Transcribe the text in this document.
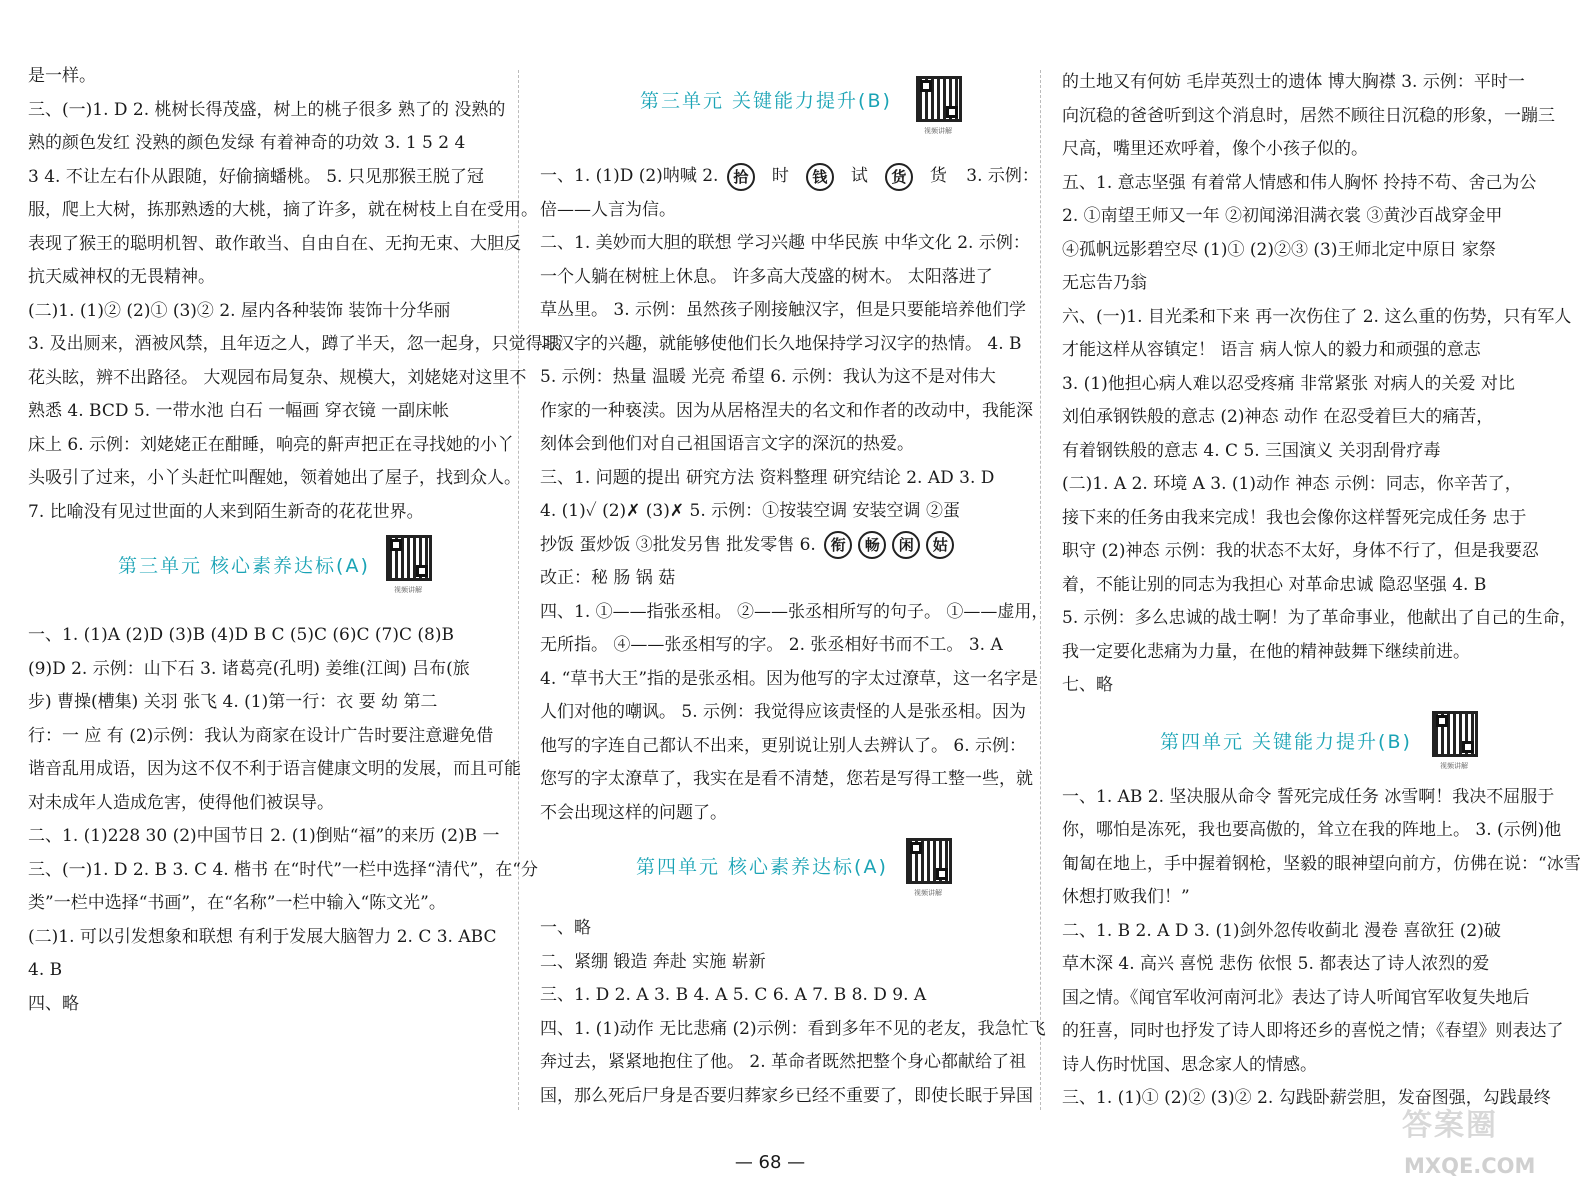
是一样。
三、(一)1. D 2. 桃树长得茂盛，树上的桃子很多 熟了的 没熟的
熟的颜色发红 没熟的颜色发绿 有着神奇的功效 3. 1 5 2 4
3 4. 不让左右仆从跟随，好偷摘蟠桃。 5. 只见那猴王脱了冠
服，爬上大树，拣那熟透的大桃，摘了许多，就在树枝上自在受用。
表现了猴王的聪明机智、敢作敢当、自由自在、无拘无束、大胆反
抗天威神权的无畏精神。
(二)1. (1)② (2)① (3)② 2. 屋内各种装饰 装饰十分华丽
3. 及出厕来，酒被风禁，且年迈之人，蹲了半天，忽一起身，只觉得眼
花头眩，辨不出路径。 大观园布局复杂、规模大，刘姥姥对这里不
熟悉 4. BCD 5. 一带水池 白石 一幅画 穿衣镜 一副床帐
床上 6. 示例：刘姥姥正在酣睡，响亮的鼾声把正在寻找她的小丫
头吸引了过来，小丫头赶忙叫醒她，领着她出了屋子，找到众人。
7. 比喻没有见过世面的人来到陌生新奇的花花世界。
第三单元 核心素养达标(A)
视频讲解
一、1. (1)A (2)D (3)B (4)D B C (5)C (6)C (7)C (8)B
(9)D 2. 示例：山下石 3. 诸葛亮(孔明) 姜维(江闽) 吕布(旅
步) 曹操(槽集) 关羽 张飞 4. (1)第一行：衣 要 幼 第二
行：一 应 有 (2)示例：我认为商家在设计广告时要注意避免借
谐音乱用成语，因为这不仅不利于语言健康文明的发展，而且可能
对未成年人造成危害，使得他们被误导。
二、1. (1)228 30 (2)中国节日 2. (1)倒贴“福”的来历 (2)B 一
三、(一)1. D 2. B 3. C 4. 楷书 在“时代”一栏中选择“清代”，在“分
类”一栏中选择“书画”，在“名称”一栏中输入“陈文光”。
(二)1. 可以引发想象和联想 有利于发展大脑智力 2. C 3. ABC
4. B
四、略
第三单元 关键能力提升(B)
视频讲解
一、1. (1)D (2)呐喊 2. 拾 时 钱 试 货 货 3. 示例：
倍——人言为信。
二、1. 美妙而大胆的联想 学习兴趣 中华民族 中华文化 2. 示例：
一个人躺在树桩上休息。 许多高大茂盛的树木。 太阳落进了
草丛里。 3. 示例：虽然孩子刚接触汉字，但是只要能培养他们学
习汉字的兴趣，就能够使他们长久地保持学习汉字的热情。 4. B
5. 示例：热量 温暖 光亮 希望 6. 示例：我认为这不是对伟大
作家的一种亵渎。因为从居格涅夫的名文和作者的改动中，我能深
刻体会到他们对自己祖国语言文字的深沉的热爱。
三、1. 问题的提出 研究方法 资料整理 研究结论 2. AD 3. D
4. (1)✓ (2)✗ (3)✗ 5. 示例：①按装空调 安装空调 ②蛋
抄饭 蛋炒饭 ③批发另售 批发零售 6. 衔 畅 闲 姑
改正：秘 肠 锅 菇
四、1. ①——指张丞相。 ②——张丞相所写的句子。 ①——虚用，
无所指。 ④——张丞相写的字。 2. 张丞相好书而不工。 3. A
4. “草书大王”指的是张丞相。因为他写的字太过潦草，这一名字是
人们对他的嘲讽。 5. 示例：我觉得应该责怪的人是张丞相。因为
他写的字连自己都认不出来，更别说让别人去辨认了。 6. 示例：
您写的字太潦草了，我实在是看不清楚，您若是写得工整一些，就
不会出现这样的问题了。
第四单元 核心素养达标(A)
视频讲解
一、略
二、紧绷 锻造 奔赴 实施 崭新
三、1. D 2. A 3. B 4. A 5. C 6. A 7. B 8. D 9. A
四、1. (1)动作 无比悲痛 (2)示例：看到多年不见的老友，我急忙飞
奔过去，紧紧地抱住了他。 2. 革命者既然把整个身心都献给了祖
国，那么死后尸身是否要归葬家乡已经不重要了，即使长眠于异国
的土地又有何妨 毛岸英烈士的遗体 博大胸襟 3. 示例：平时一
向沉稳的爸爸听到这个消息时，居然不顾往日沉稳的形象，一蹦三
尺高，嘴里还欢呼着，像个小孩子似的。
五、1. 意志坚强 有着常人情感和伟人胸怀 拎持不苟、舍己为公
2. ①南望王师又一年 ②初闻涕泪满衣裳 ③黄沙百战穿金甲
④孤帆远影碧空尽 (1)① (2)②③ (3)王师北定中原日 家祭
无忘告乃翁
六、(一)1. 目光柔和下来 再一次伤住了 2. 这么重的伤势，只有军人
才能这样从容镇定！ 语言 病人惊人的毅力和顽强的意志
3. (1)他担心病人难以忍受疼痛 非常紧张 对病人的关爱 对比
刘伯承钢铁般的意志 (2)神态 动作 在忍受着巨大的痛苦，
有着钢铁般的意志 4. C 5. 三国演义 关羽刮骨疗毒
(二)1. A 2. 环境 A 3. (1)动作 神态 示例：同志，你辛苦了，
接下来的任务由我来完成！我也会像你这样誓死完成任务 忠于
职守 (2)神态 示例：我的状态不太好，身体不行了，但是我要忍
着，不能让别的同志为我担心 对革命忠诚 隐忍坚强 4. B
5. 示例：多么忠诚的战士啊！为了革命事业，他献出了自己的生命，
我一定要化悲痛为力量，在他的精神鼓舞下继续前进。
七、略
第四单元 关键能力提升(B)
视频讲解
一、1. AB 2. 坚决服从命令 誓死完成任务 冰雪啊！我决不屈服于
你，哪怕是冻死，我也要高傲的，耸立在我的阵地上。 3. (示例)他
匍匐在地上，手中握着钢枪，坚毅的眼神望向前方，仿佛在说：“冰雪
休想打败我们！”
二、1. B 2. A D 3. (1)剑外忽传收蓟北 漫卷 喜欲狂 (2)破
草木深 4. 高兴 喜悦 悲伤 依恨 5. 都表达了诗人浓烈的爱
国之情。《闻官军收河南河北》表达了诗人听闻官军收复失地后
的狂喜，同时也抒发了诗人即将还乡的喜悦之情；《春望》则表达了
诗人伤时忧国、思念家人的情感。
三、1. (1)① (2)② (3)② 2. 勾践卧薪尝胆，发奋图强，勾践最终
— 68 —
答案圈
MXQE.COM
